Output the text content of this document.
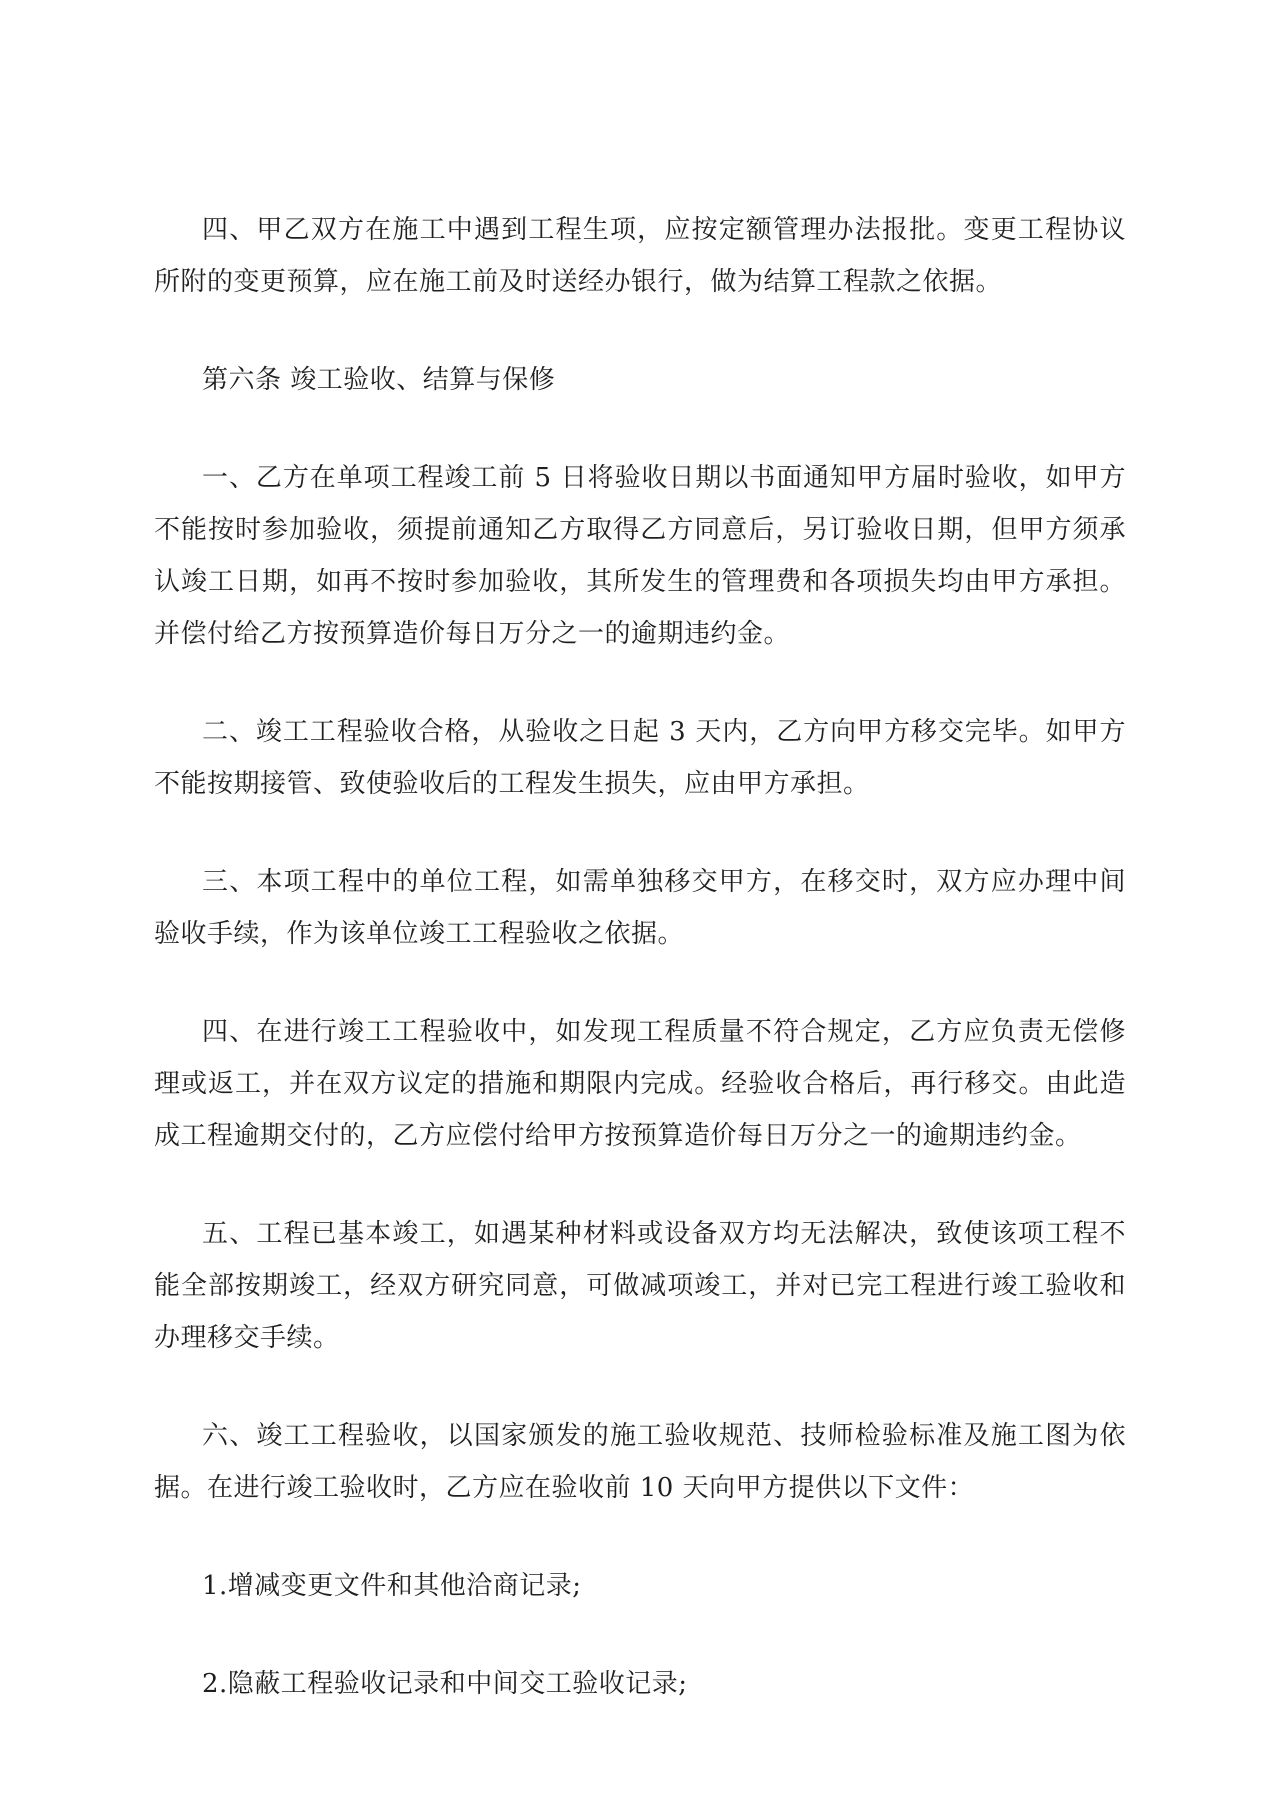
四、甲乙双方在施工中遇到工程生项，应按定额管理办法报批。变更工程协议所附的变更预算，应在施工前及时送经办银行，做为结算工程款之依据。

第六条 竣工验收、结算与保修

一、乙方在单项工程竣工前 5 日将验收日期以书面通知甲方届时验收，如甲方不能按时参加验收，须提前通知乙方取得乙方同意后，另订验收日期，但甲方须承认竣工日期，如再不按时参加验收，其所发生的管理费和各项损失均由甲方承担。并偿付给乙方按预算造价每日万分之一的逾期违约金。

二、竣工工程验收合格，从验收之日起 3 天内，乙方向甲方移交完毕。如甲方不能按期接管、致使验收后的工程发生损失，应由甲方承担。

三、本项工程中的单位工程，如需单独移交甲方，在移交时，双方应办理中间验收手续，作为该单位竣工工程验收之依据。

四、在进行竣工工程验收中，如发现工程质量不符合规定，乙方应负责无偿修理或返工，并在双方议定的措施和期限内完成。经验收合格后，再行移交。由此造成工程逾期交付的，乙方应偿付给甲方按预算造价每日万分之一的逾期违约金。

五、工程已基本竣工，如遇某种材料或设备双方均无法解决，致使该项工程不能全部按期竣工，经双方研究同意，可做减项竣工，并对已完工程进行竣工验收和办理移交手续。

六、竣工工程验收，以国家颁发的施工验收规范、技师检验标准及施工图为依据。在进行竣工验收时，乙方应在验收前 10 天向甲方提供以下文件：

1.增减变更文件和其他洽商记录;

2.隐蔽工程验收记录和中间交工验收记录;
